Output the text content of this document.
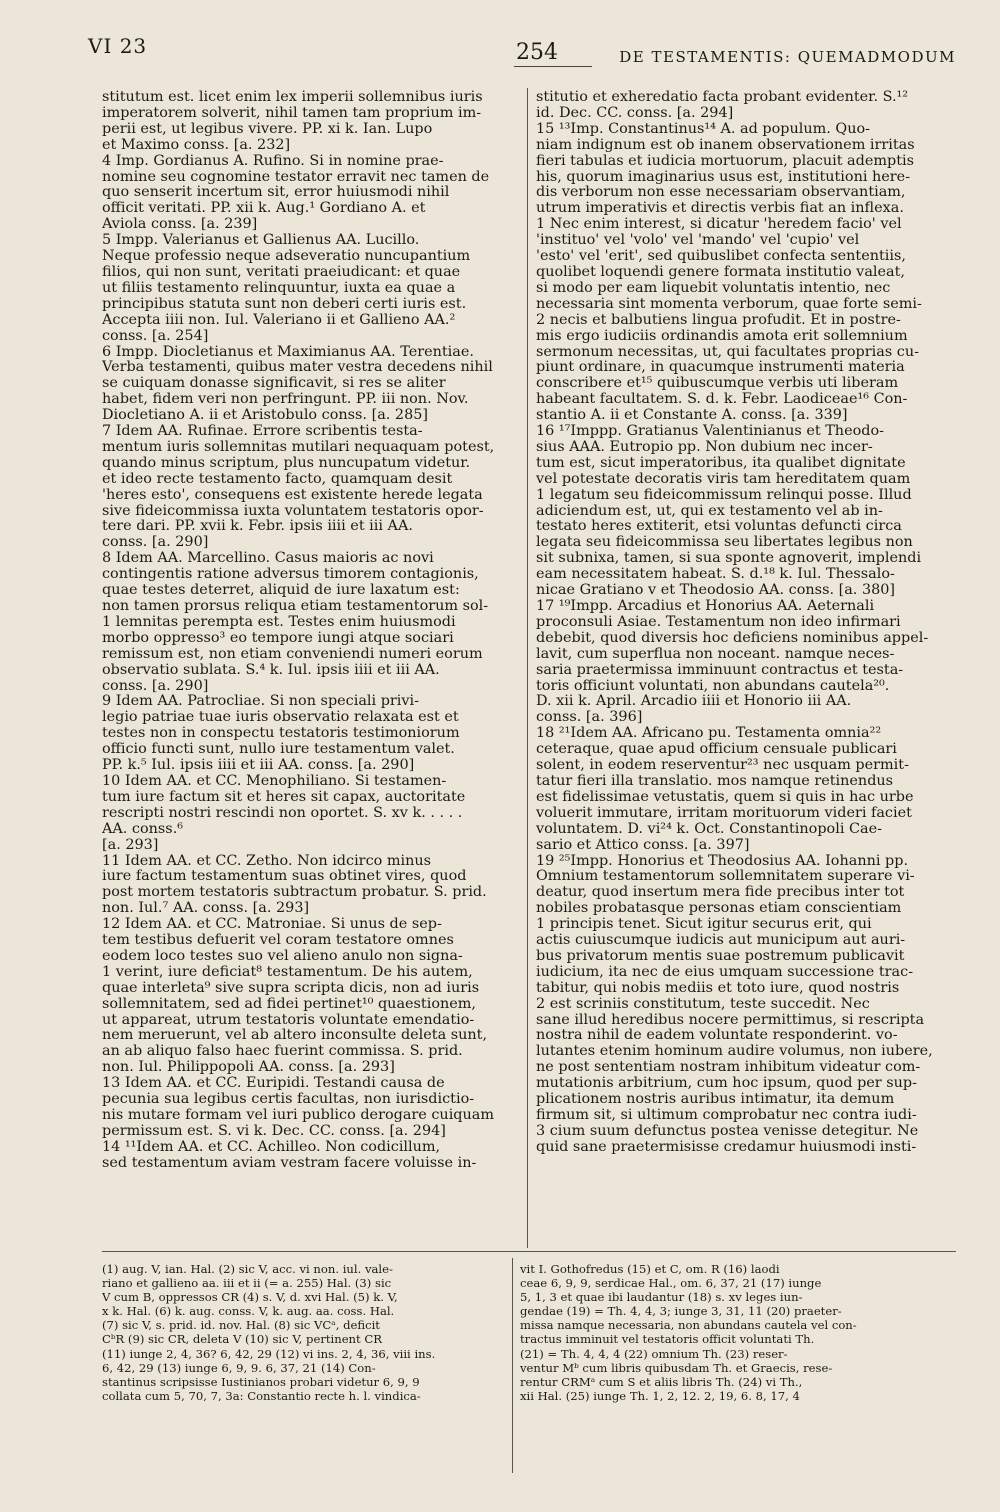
VI 23	254	DE TESTAMENTIS: QUEMADMODUM
stitutum est. licet enim lex imperii sollemnibus iuris
imperatorem solverit, nihil tamen tam proprium im-
perii est, ut legibus vivere. PP. xi k. Ian. Lupo
et Maximo conss. [a. 232]
4 Imp. Gordianus A. Rufino. Si in nomine prae-
nomine seu cognomine testator erravit nec tamen de
quo senserit incertum sit, error huiusmodi nihil
officit veritati. PP. xii k. Aug.¹ Gordiano A. et
Aviola conss. [a. 239]
5 Impp. Valerianus et Gallienus AA. Lucillo.
Neque professio neque adseveratio nuncupantium
filios, qui non sunt, veritati praeiudicant: et quae
ut filiis testamento relinquuntur, iuxta ea quae a
principibus statuta sunt non deberi certi iuris est.
Accepta iiii non. Iul. Valeriano ii et Gallieno AA.²
conss. [a. 254]
6 Impp. Diocletianus et Maximianus AA. Terentiae.
Verba testamenti, quibus mater vestra decedens nihil
se cuiquam donasse significavit, si res se aliter
habet, fidem veri non perfringunt. PP. iii non. Nov.
Diocletiano A. ii et Aristobulo conss. [a. 285]
7 Idem AA. Rufinae. Errore scribentis testa-
mentum iuris sollemnitas mutilari nequaquam potest,
quando minus scriptum, plus nuncupatum videtur.
et ideo recte testamento facto, quamquam desit
'heres esto', consequens est existente herede legata
sive fideicommissa iuxta voluntatem testatoris opor-
tere dari. PP. xvii k. Febr. ipsis iiii et iii AA.
conss. [a. 290]
8 Idem AA. Marcellino. Casus maioris ac novi
contingentis ratione adversus timorem contagionis,
quae testes deterret, aliquid de iure laxatum est:
non tamen prorsus reliqua etiam testamentorum sol-
1 lemnitas perempta est. Testes enim huiusmodi
morbo oppresso³ eo tempore iungi atque sociari
remissum est, non etiam conveniendi numeri eorum
observatio sublata. S.⁴ k. Iul. ipsis iiii et iii AA.
conss. [a. 290]
9 Idem AA. Patrocliae. Si non speciali privi-
legio patriae tuae iuris observatio relaxata est et
testes non in conspectu testatoris testimoniorum
officio functi sunt, nullo iure testamentum valet.
PP. k.⁵ Iul. ipsis iiii et iii AA. conss. [a. 290]
10 Idem AA. et CC. Menophiliano. Si testamen-
tum iure factum sit et heres sit capax, auctoritate
rescripti nostri rescindi non oportet. S. xv k. . . . .
AA. conss.⁶
[a. 293]
11 Idem AA. et CC. Zetho. Non idcirco minus
iure factum testamentum suas obtinet vires, quod
post mortem testatoris subtractum probatur. S. prid.
non. Iul.⁷ AA. conss. [a. 293]
12 Idem AA. et CC. Matroniae. Si unus de sep-
tem testibus defuerit vel coram testatore omnes
eodem loco testes suo vel alieno anulo non signa-
1 verint, iure deficiat⁸ testamentum. De his autem,
quae interleta⁹ sive supra scripta dicis, non ad iuris
sollemnitatem, sed ad fidei pertinet¹⁰ quaestionem,
ut appareat, utrum testatoris voluntate emendatio-
nem meruerunt, vel ab altero inconsulte deleta sunt,
an ab aliquo falso haec fuerint commissa. S. prid.
non. Iul. Philippopoli AA. conss. [a. 293]
13 Idem AA. et CC. Euripidi. Testandi causa de
pecunia sua legibus certis facultas, non iurisdictio-
nis mutare formam vel iuri publico derogare cuiquam
permissum est. S. vi k. Dec. CC. conss. [a. 294]
14 ¹¹Idem AA. et CC. Achilleo. Non codicillum,
sed testamentum aviam vestram facere voluisse in-
stitutio et exheredatio facta probant evidenter. S.¹²
id. Dec. CC. conss. [a. 294]
15 ¹³Imp. Constantinus¹⁴ A. ad populum. Quo-
niam indignum est ob inanem observationem irritas
fieri tabulas et iudicia mortuorum, placuit ademptis
his, quorum imaginarius usus est, institutioni here-
dis verborum non esse necessariam observantiam,
utrum imperativis et directis verbis fiat an inflexa.
1 Nec enim interest, si dicatur 'heredem facio' vel
'instituo' vel 'volo' vel 'mando' vel 'cupio' vel
'esto' vel 'erit', sed quibuslibet confecta sententiis,
quolibet loquendi genere formata institutio valeat,
si modo per eam liquebit voluntatis intentio, nec
necessaria sint momenta verborum, quae forte semi-
2 necis et balbutiens lingua profudit. Et in postre-
mis ergo iudiciis ordinandis amota erit sollemnium
sermonum necessitas, ut, qui facultates proprias cu-
piunt ordinare, in quacumque instrumenti materia
conscribere et¹⁵ quibuscumque verbis uti liberam
habeant facultatem. S. d. k. Febr. Laodiceae¹⁶ Con-
stantio A. ii et Constante A. conss. [a. 339]
16 ¹⁷Imppp. Gratianus Valentinianus et Theodo-
sius AAA. Eutropio pp. Non dubium nec incer-
tum est, sicut imperatoribus, ita qualibet dignitate
vel potestate decoratis viris tam hereditatem quam
1 legatum seu fideicommissum relinqui posse. Illud
adiciendum est, ut, qui ex testamento vel ab in-
testato heres extiterit, etsi voluntas defuncti circa
legata seu fideicommissa seu libertates legibus non
sit subnixa, tamen, si sua sponte agnoverit, implendi
eam necessitatem habeat. S. d.¹⁸ k. Iul. Thessalo-
nicae Gratiano v et Theodosio AA. conss. [a. 380]
17 ¹⁹Impp. Arcadius et Honorius AA. Aeternali
proconsuli Asiae. Testamentum non ideo infirmari
debebit, quod diversis hoc deficiens nominibus appel-
lavit, cum superflua non noceant. namque neces-
saria praetermissa imminuunt contractus et testa-
toris officiunt voluntati, non abundans cautela²⁰.
D. xii k. April. Arcadio iiii et Honorio iii AA.
conss. [a. 396]
18 ²¹Idem AA. Africano pu. Testamenta omnia²²
ceteraque, quae apud officium censuale publicari
solent, in eodem reserventur²³ nec usquam permit-
tatur fieri illa translatio. mos namque retinendus
est fidelissimae vetustatis, quem si quis in hac urbe
voluerit immutare, irritam morituorum videri faciet
voluntatem. D. vi²⁴ k. Oct. Constantinopoli Cae-
sario et Attico conss. [a. 397]
19 ²⁵Impp. Honorius et Theodosius AA. Iohanni pp.
Omnium testamentorum sollemnitatem superare vi-
deatur, quod insertum mera fide precibus inter tot
nobiles probatasque personas etiam conscientiam
1 principis tenet. Sicut igitur securus erit, qui
actis cuiuscumque iudicis aut municipum aut auri-
bus privatorum mentis suae postremum publicavit
iudicium, ita nec de eius umquam successione trac-
tabitur, qui nobis mediis et toto iure, quod nostris
2 est scriniis constitutum, teste succedit. Nec
sane illud heredibus nocere permittimus, si rescripta
nostra nihil de eadem voluntate responderint. vo-
lutantes etenim hominum audire volumus, non iubere,
ne post sententiam nostram inhibitum videatur com-
mutationis arbitrium, cum hoc ipsum, quod per sup-
plicationem nostris auribus intimatur, ita demum
firmum sit, si ultimum comprobatur nec contra iudi-
3 cium suum defunctus postea venisse detegitur. Ne
quid sane praetermisisse credamur huiusmodi insti-
(1) aug. V, ian. Hal. (2) sic V, acc. vi non. iul. vale-
riano et gallieno aa. iii et ii (= a. 255) Hal. (3) sic
V cum B, oppressos CR (4) s. V, d. xvi Hal. (5) k. V,
x k. Hal. (6) k. aug. conss. V, k. aug. aa. coss. Hal.
(7) sic V, s. prid. id. nov. Hal. (8) sic VCᵃ, deficit
CᵇR (9) sic CR, deleta V (10) sic V, pertinent CR
(11) iunge 2, 4, 36? 6, 42, 29 (12) vi ins. 2, 4, 36, viii ins.
6, 42, 29 (13) iunge 6, 9, 9. 6, 37, 21 (14) Con-
stantinus scripsisse Iustinianos probari videtur 6, 9, 9
collata cum 5, 70, 7, 3a: Constantio recte h. l. vindica-
vit I. Gothofredus (15) et C, om. R (16) laodi
ceae 6, 9, 9, serdicae Hal., om. 6, 37, 21 (17) iunge
5, 1, 3 et quae ibi laudantur (18) s. xv leges iun-
gendae (19) = Th. 4, 4, 3; iunge 3, 31, 11 (20) praeter-
missa namque necessaria, non abundans cautela vel con-
tractus imminuit vel testatoris officit voluntati Th.
(21) = Th. 4, 4, 4 (22) omnium Th. (23) reser-
ventur Mᵇ cum libris quibusdam Th. et Graecis, rese-
rentur CRMᵃ cum S et aliis libris Th. (24) vi Th.,
xii Hal. (25) iunge Th. 1, 2, 12. 2, 19, 6. 8, 17, 4
